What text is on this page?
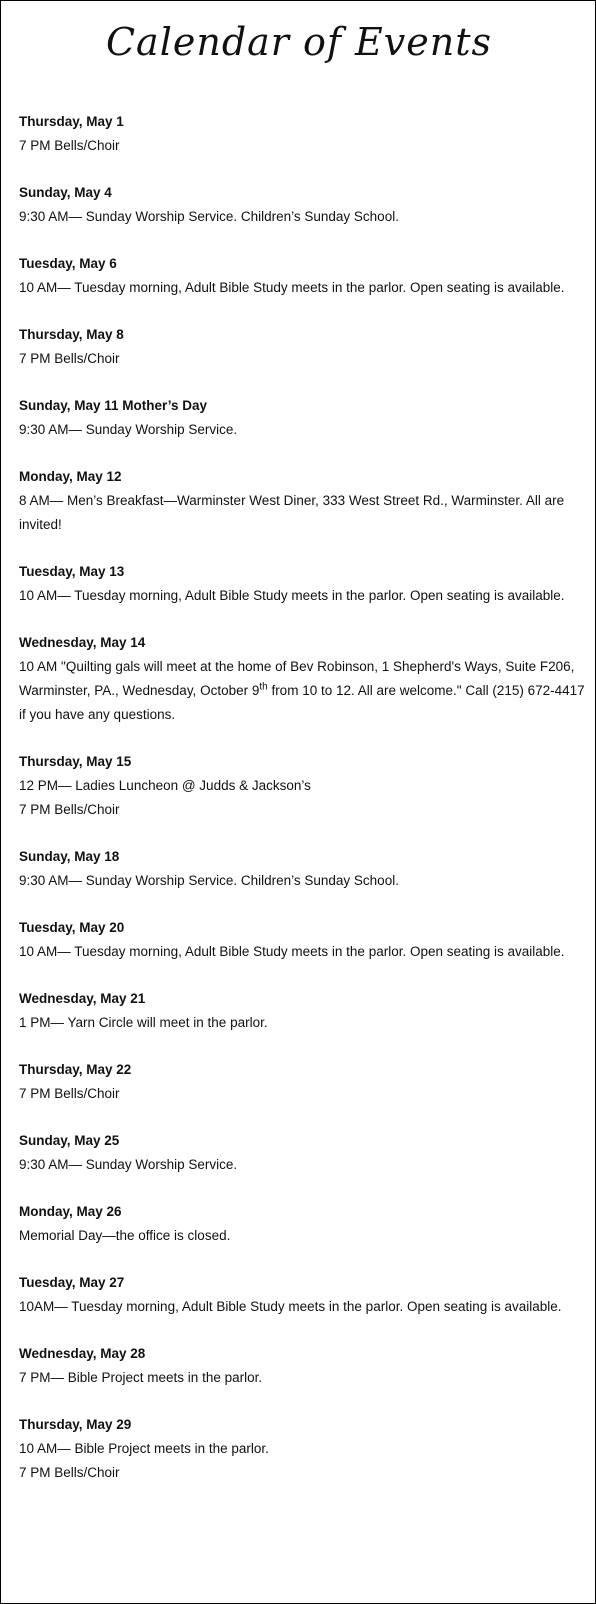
Calendar of Events
Thursday, May 1
7 PM Bells/Choir
Sunday, May 4
9:30 AM— Sunday Worship Service. Children’s Sunday School.
Tuesday, May 6
10 AM— Tuesday morning, Adult Bible Study meets in the parlor. Open seating is available.
Thursday, May 8
7 PM Bells/Choir
Sunday, May 11 Mother’s Day
9:30 AM— Sunday Worship Service.
Monday, May 12
8 AM— Men’s Breakfast—Warminster West Diner, 333 West Street Rd., Warminster. All are invited!
Tuesday, May 13
10 AM— Tuesday morning, Adult Bible Study meets in the parlor. Open seating is available.
Wednesday, May 14
10 AM "Quilting gals will meet at the home of Bev Robinson, 1 Shepherd's Ways, Suite F206, Warminster, PA., Wednesday, October 9th from 10 to 12. All are welcome." Call (215) 672-4417 if you have any questions.
Thursday, May 15
12 PM— Ladies Luncheon @ Judds & Jackson’s
7 PM Bells/Choir
Sunday, May 18
9:30 AM— Sunday Worship Service. Children’s Sunday School.
Tuesday, May 20
10 AM— Tuesday morning, Adult Bible Study meets in the parlor. Open seating is available.
Wednesday, May 21
1 PM— Yarn Circle will meet in the parlor.
Thursday, May 22
7 PM Bells/Choir
Sunday, May 25
9:30 AM— Sunday Worship Service.
Monday, May 26
Memorial Day—the office is closed.
Tuesday, May 27
10AM— Tuesday morning, Adult Bible Study meets in the parlor. Open seating is available.
Wednesday, May 28
7 PM— Bible Project meets in the parlor.
Thursday, May 29
10 AM— Bible Project meets in the parlor.
7 PM Bells/Choir
